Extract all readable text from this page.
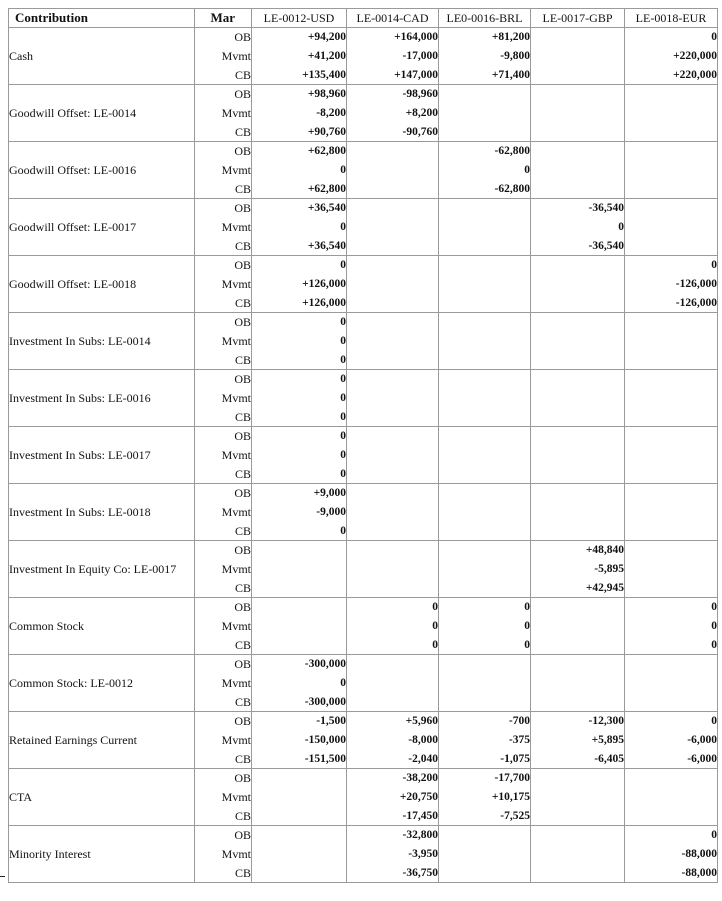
Contribution	Mar	LE-0012-USD	LE-0014-CAD	LE0-0016-BRL	LE-0017-GBP	LE-0018-EUR
Cash	OB	+94,200	+164,000	+81,200		0
	Mvmt	+41,200	-17,000	-9,800		+220,000
	CB	+135,400	+147,000	+71,400		+220,000
Goodwill Offset: LE-0014	OB	+98,960	-98,960			
	Mvmt	-8,200	+8,200			
	CB	+90,760	-90,760			
Goodwill Offset: LE-0016	OB	+62,800		-62,800		
	Mvmt	0		0		
	CB	+62,800		-62,800		
Goodwill Offset: LE-0017	OB	+36,540			-36,540	
	Mvmt	0			0	
	CB	+36,540			-36,540	
Goodwill Offset: LE-0018	OB	0				0
	Mvmt	+126,000				-126,000
	CB	+126,000				-126,000
Investment In Subs: LE-0014	OB	0				
	Mvmt	0				
	CB	0				
Investment In Subs: LE-0016	OB	0				
	Mvmt	0				
	CB	0				
Investment In Subs: LE-0017	OB	0				
	Mvmt	0				
	CB	0				
Investment In Subs: LE-0018	OB	+9,000				
	Mvmt	-9,000				
	CB	0				
Investment In Equity Co: LE-0017	OB				+48,840	
	Mvmt				-5,895	
	CB				+42,945	
Common Stock	OB		0	0		0
	Mvmt		0	0		0
	CB		0	0		0
Common Stock: LE-0012	OB	-300,000				
	Mvmt	0				
	CB	-300,000				
Retained Earnings Current	OB	-1,500	+5,960	-700	-12,300	0
	Mvmt	-150,000	-8,000	-375	+5,895	-6,000
	CB	-151,500	-2,040	-1,075	-6,405	-6,000
CTA	OB		-38,200	-17,700		
	Mvmt		+20,750	+10,175		
	CB		-17,450	-7,525		
Minority Interest	OB		-32,800			0
	Mvmt		-3,950			-88,000
	CB		-36,750			-88,000
